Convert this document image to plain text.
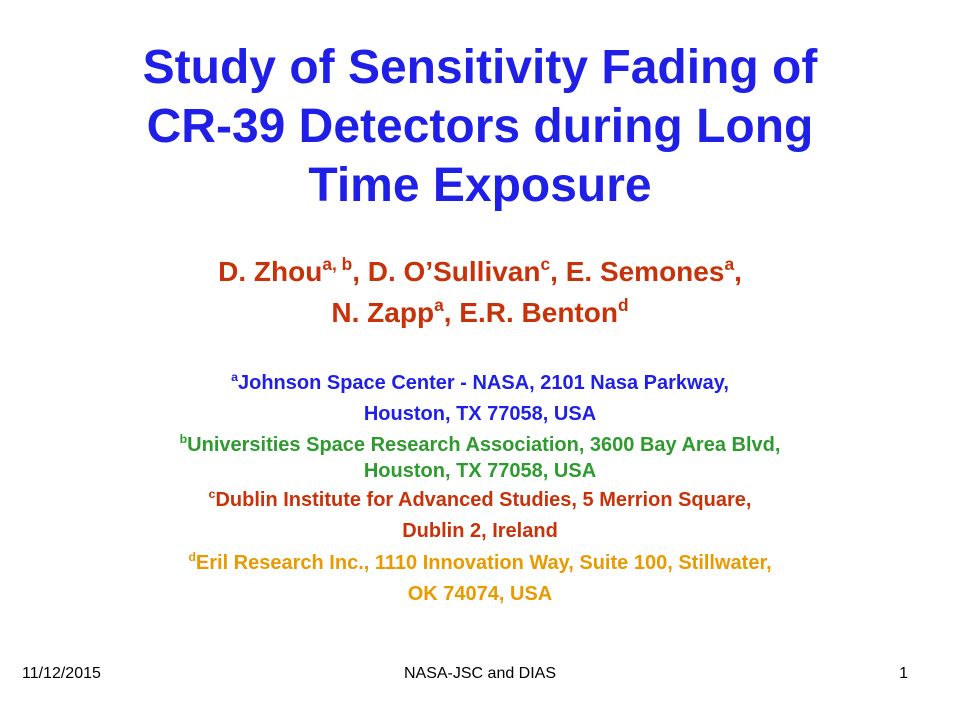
Study of Sensitivity Fading of
CR-39 Detectors during Long
Time Exposure
D. Zhou$^{a, b}$, D. O’Sullivan$^c$, E. Semones$^a$,
N. Zapp$^a$, E.R. Benton$^d$
$^a$Johnson Space Center - NASA, 2101 Nasa Parkway,
Houston, TX 77058, USA
$^b$Universities Space Research Association, 3600 Bay Area Blvd,
Houston, TX 77058, USA
$^c$Dublin Institute for Advanced Studies, 5 Merrion Square,
Dublin 2, Ireland
$^d$Eril Research Inc., 1110 Innovation Way, Suite 100, Stillwater,
OK 74074, USA
11/12/2015	NASA-JSC and DIAS	1
